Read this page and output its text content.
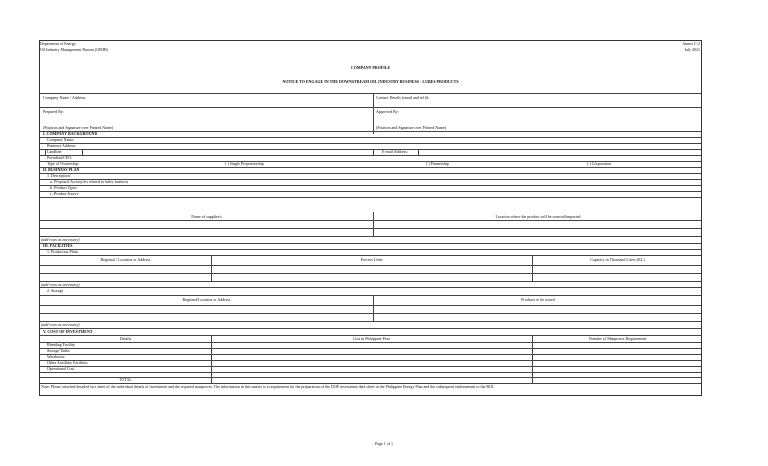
Department of Energy
Oil Industry Management Bureau (OIMB)
Annex C-2
July 2021
COMPANY PROFILE
NOTICE TO ENGAGE IN THE DOWNSTREAM OIL INDUSTRY BUSINESS - LUBES PRODUCTS
Company Name / Address:	Contact Details (email and tel #):
Prepared By:	Approved By:
(Position and Signature over Printed Name)	(Position and Signature over Printed Name)
I. COMPANY BACKGROUND
Company Name:
Business Address:
Landline:	E-mail Address:
President/CEO:
Type of Ownership:	( ) Single Proprietorship	( ) Partnership	( ) Corporation
II. BUSINESS PLAN
1. Description:
a. Proposed Activity/ies related to lubes business
b. Product Types
c. Product Source
Name of supplier/s	Location where the product will be sourced/imported
(add rows as necessary)
III. FACILITIES
1. Production Plant
Regional / Location or Address	Process Units	Capacity in Thousand Liters (KL)
(add rows as necessary)
2. Storage
Regional/Location or Address	Products to be stored
(add rows as necessary)
V. COST OF INVESTMENT
Details	Cost in Philippine Peso	Number of Manpower Requirement
Blending Facility
Storage Tanks
Warehouse
Other Ancillary Facilities
Operational Cost
TOTAL
Note: Please attached detailed fact sheet of the individual details of investment and the required manpower. The information in this matrix is a requirement for the preparation of the DOE investment data sheet in the Philippine Energy Plan and the subsequent endorsement to the BOI.
Page 1 of 1
